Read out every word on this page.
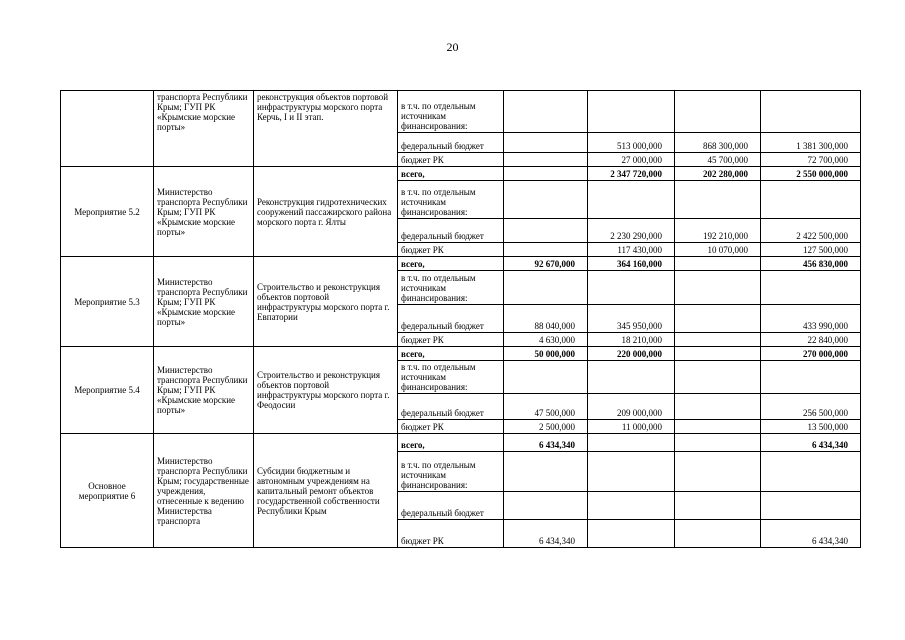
20
	транспорта Республики Крым; ГУП РК «Крымские морские порты»	реконструкция объектов портовой инфраструктуры морского порта Керчь, I и II этап.	в т.ч. по отдельным источникам финансирования:				
			федеральный бюджет		513 000,000	868 300,000	1 381 300,000
			бюджет РК		27 000,000	45 700,000	72 700,000
Мероприятие 5.2	Министерство транспорта Республики Крым; ГУП РК «Крымские морские порты»	Реконструкция гидротехнических сооружений пассажирского района морского порта г. Ялты	всего,		2 347 720,000	202 280,000	2 550 000,000
			в т.ч. по отдельным источникам финансирования:				
			федеральный бюджет		2 230 290,000	192 210,000	2 422 500,000
			бюджет РК		117 430,000	10 070,000	127 500,000
Мероприятие 5.3	Министерство транспорта Республики Крым; ГУП РК «Крымские морские порты»	Строительство и реконструкция объектов портовой инфраструктуры морского порта г. Евпатории	всего,	92 670,000	364 160,000		456 830,000
			в т.ч. по отдельным источникам финансирования:				
			федеральный бюджет	88 040,000	345 950,000		433 990,000
			бюджет РК	4 630,000	18 210,000		22 840,000
Мероприятие 5.4	Министерство транспорта Республики Крым; ГУП РК «Крымские морские порты»	Строительство и реконструкция объектов портовой инфраструктуры морского порта г. Феодосии	всего,	50 000,000	220 000,000		270 000,000
			в т.ч. по отдельным источникам финансирования:				
			федеральный бюджет	47 500,000	209 000,000		256 500,000
			бюджет РК	2 500,000	11 000,000		13 500,000
Основное мероприятие 6	Министерство транспорта Республики Крым; государственные учреждения, отнесенные к ведению Министерства транспорта	Субсидии бюджетным и автономным учреждениям на капитальный ремонт объектов государственной собственности Республики Крым	всего,	6 434,340			6 434,340
			в т.ч. по отдельным источникам финансирования:				
			федеральный бюджет				
			бюджет РК	6 434,340			6 434,340
